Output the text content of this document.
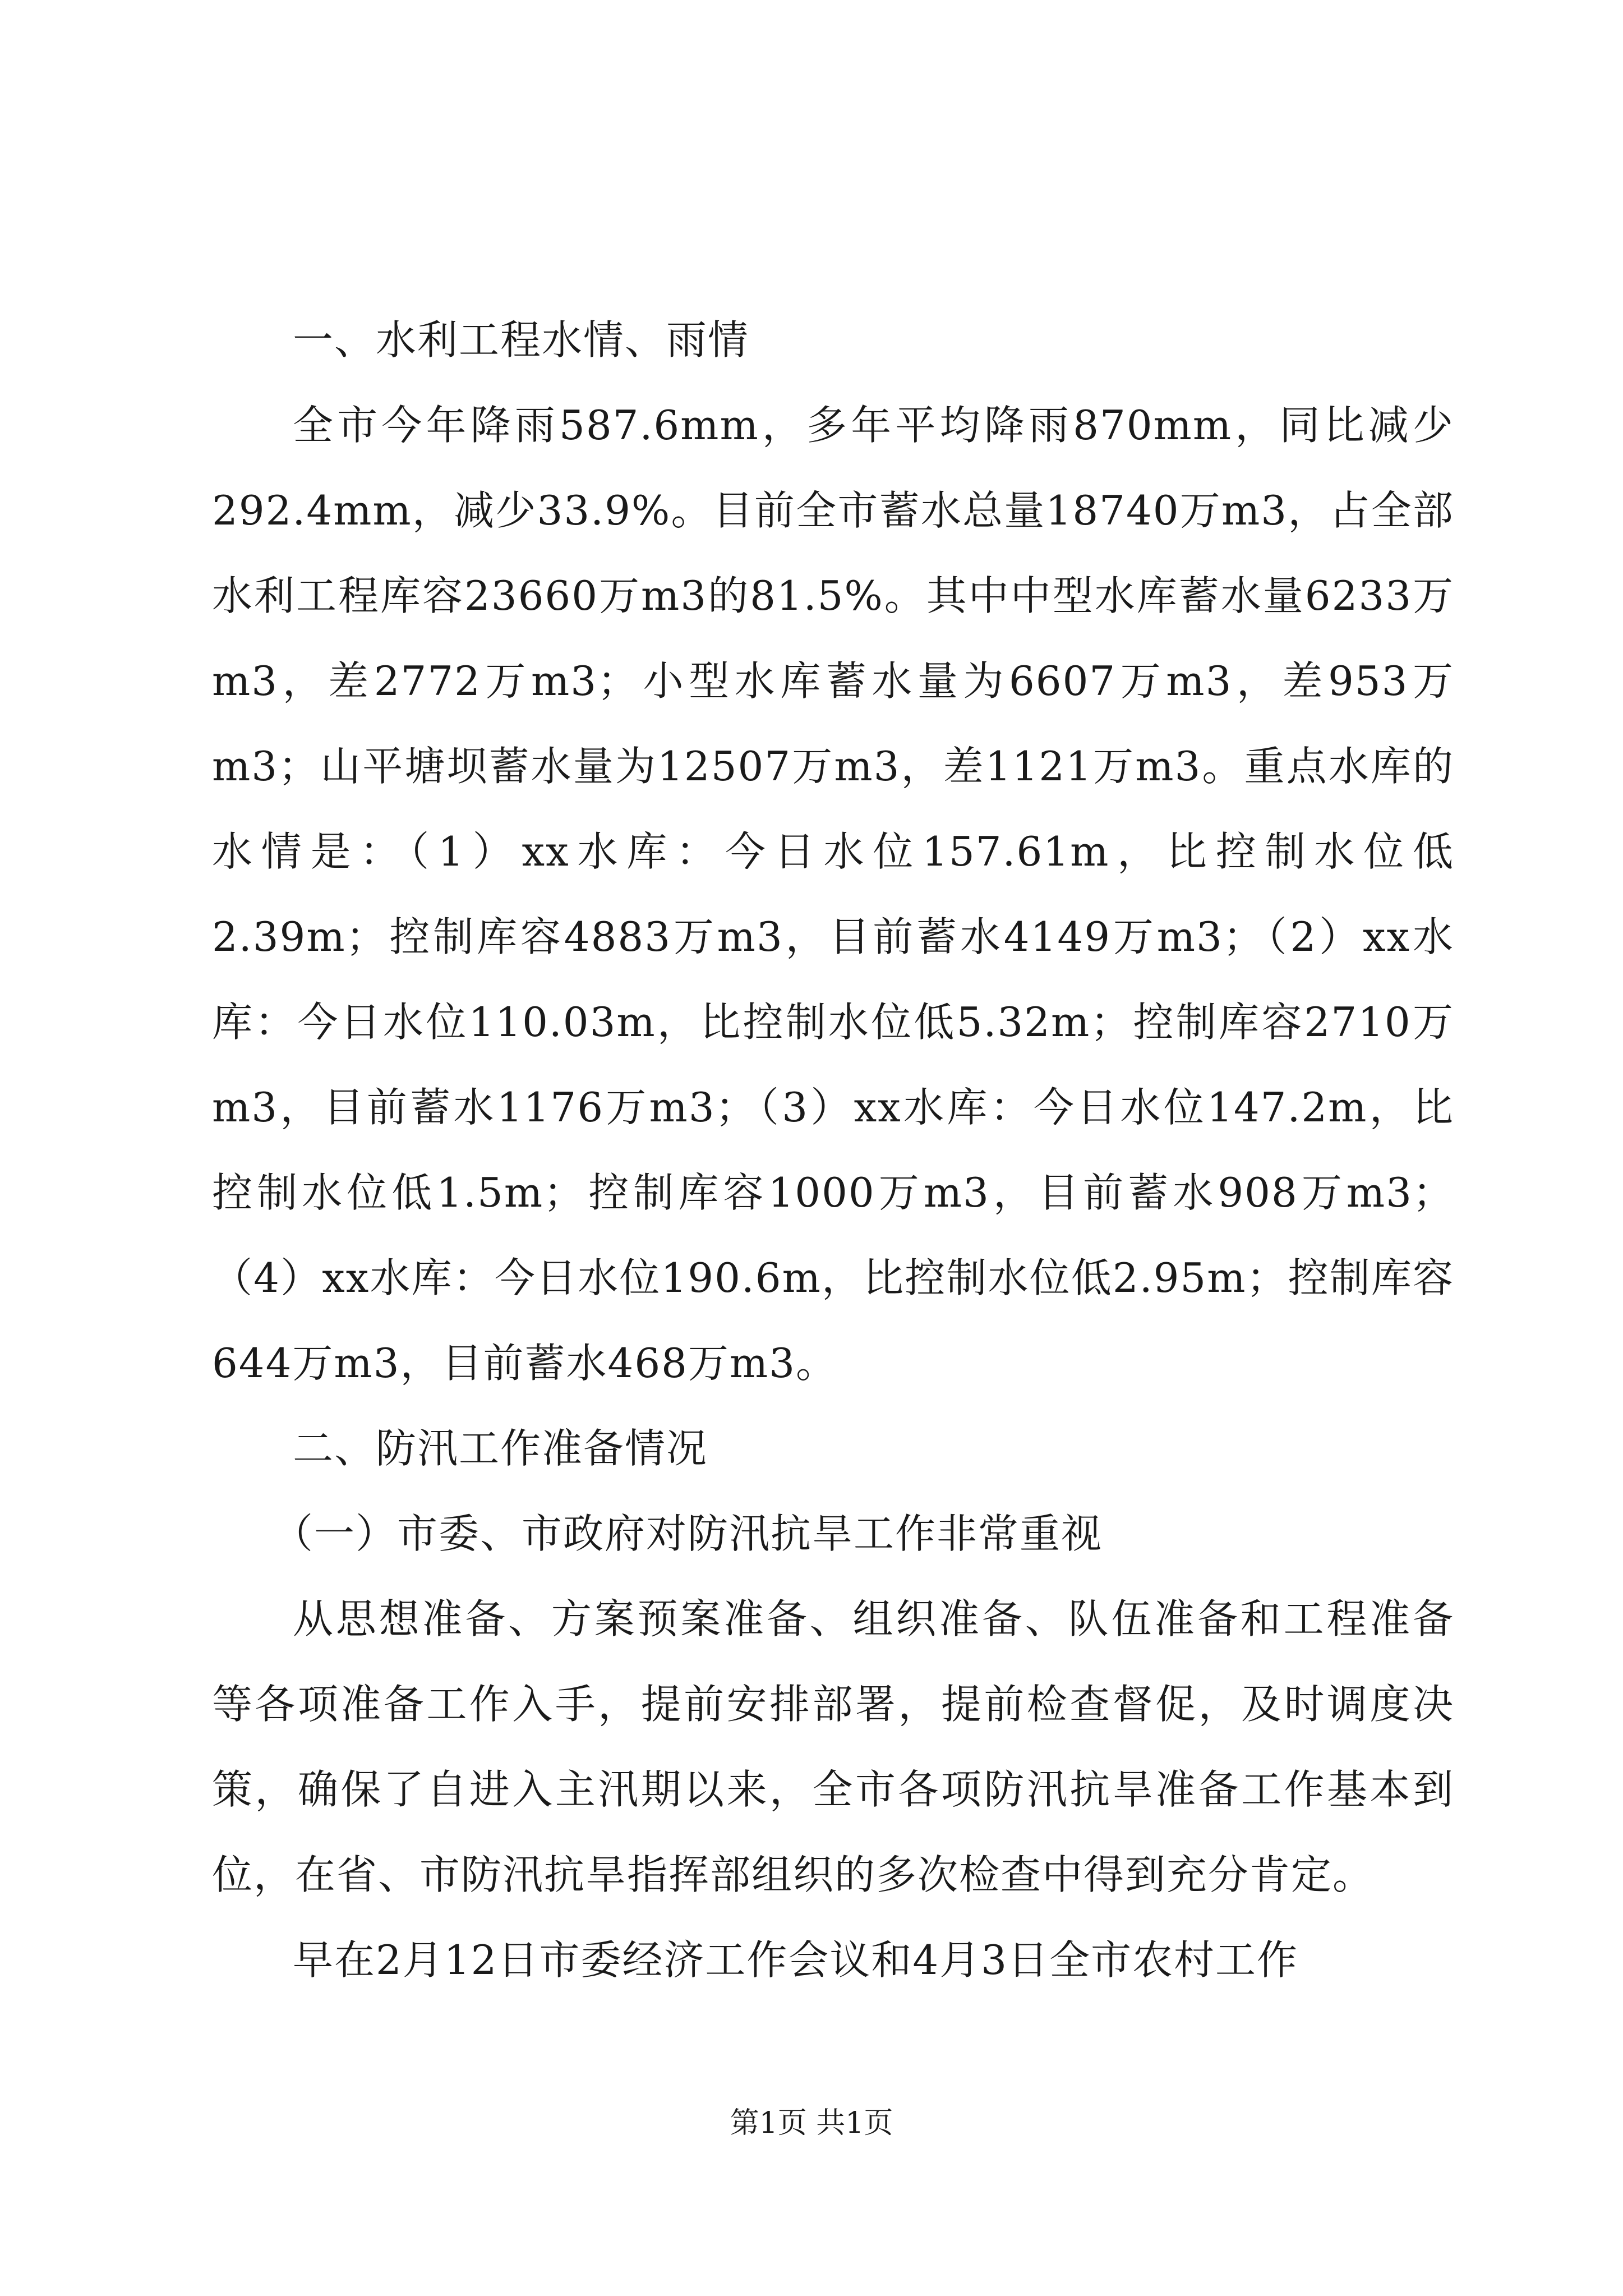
一、水利工程水情、雨情

全市今年降雨587.6mm，多年平均降雨870mm，同比减少292.4mm，减少33.9%。目前全市蓄水总量18740万m3，占全部水利工程库容23660万m3的81.5%。其中中型水库蓄水量6233万m3，差2772万m3；小型水库蓄水量为6607万m3，差953万m3；山平塘坝蓄水量为12507万m3，差1121万m3。重点水库的水情是：（1）xx水库：今日水位157.61m，比控制水位低2.39m；控制库容4883万m3，目前蓄水4149万m3；（2）xx水库：今日水位110.03m，比控制水位低5.32m；控制库容2710万m3，目前蓄水1176万m3；（3）xx水库：今日水位147.2m，比控制水位低1.5m；控制库容1000万m3，目前蓄水908万m3；（4）xx水库：今日水位190.6m，比控制水位低2.95m；控制库容644万m3，目前蓄水468万m3。

二、防汛工作准备情况

（一）市委、市政府对防汛抗旱工作非常重视

从思想准备、方案预案准备、组织准备、队伍准备和工程准备等各项准备工作入手，提前安排部署，提前检查督促，及时调度决策，确保了自进入主汛期以来，全市各项防汛抗旱准备工作基本到位，在省、市防汛抗旱指挥部组织的多次检查中得到充分肯定。

早在2月12日市委经济工作会议和4月3日全市农村工作

第1页 共1页
